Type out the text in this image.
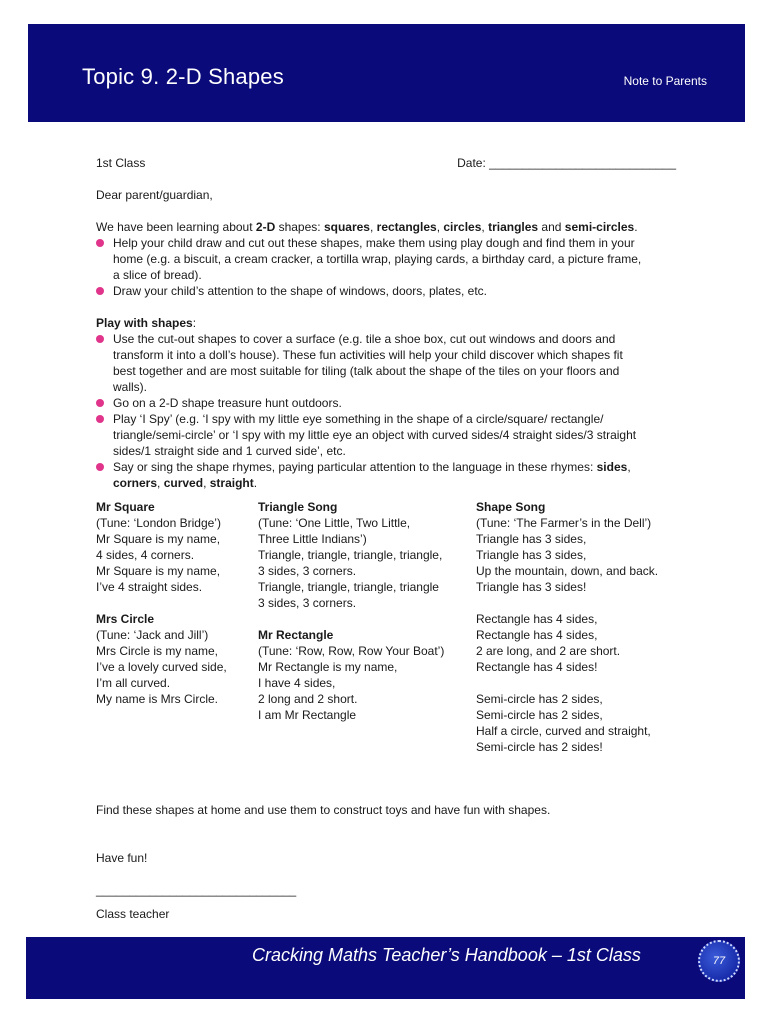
Topic 9. 2-D Shapes	Note to Parents
1st Class	Date: ____________________________

Dear parent/guardian,

We have been learning about 2-D shapes: squares, rectangles, circles, triangles and semi-circles.

Help your child draw and cut out these shapes, make them using play dough and find them in your
home (e.g. a biscuit, a cream cracker, a tortilla wrap, playing cards, a birthday card, a picture frame,
a slice of bread).
Draw your child’s attention to the shape of windows, doors, plates, etc.

Play with shapes:

Use the cut-out shapes to cover a surface (e.g. tile a shoe box, cut out windows and doors and
transform it into a doll’s house). These fun activities will help your child discover which shapes fit
best together and are most suitable for tiling (talk about the shape of the tiles on your floors and
walls).
Go on a 2-D shape treasure hunt outdoors.
Play ‘I Spy’ (e.g. ‘I spy with my little eye something in the shape of a circle/square/ rectangle/
triangle/semi-circle’ or ‘I spy with my little eye an object with curved sides/4 straight sides/3 straight
sides/1 straight side and 1 curved side’, etc.
Say or sing the shape rhymes, paying particular attention to the language in these rhymes: sides,
corners, curved, straight.
Mr Square
(Tune: ‘London Bridge’)
Mr Square is my name,
4 sides, 4 corners.
Mr Square is my name,
I’ve 4 straight sides.
Mrs Circle
(Tune: ‘Jack and Jill’)
Mrs Circle is my name,
I’ve a lovely curved side,
I’m all curved.
My name is Mrs Circle.
Triangle Song
(Tune: ‘One Little, Two Little,
Three Little Indians’)
Triangle, triangle, triangle, triangle,
3 sides, 3 corners.
Triangle, triangle, triangle, triangle
3 sides, 3 corners.
Mr Rectangle
(Tune: ‘Row, Row, Row Your Boat’)
Mr Rectangle is my name,
I have 4 sides,
2 long and 2 short.
I am Mr Rectangle
Shape Song
(Tune: ‘The Farmer’s in the Dell’)
Triangle has 3 sides,
Triangle has 3 sides,
Up the mountain, down, and back.
Triangle has 3 sides!
Rectangle has 4 sides,
Rectangle has 4 sides,
2 are long, and 2 are short.
Rectangle has 4 sides!
Semi-circle has 2 sides,
Semi-circle has 2 sides,
Half a circle, curved and straight,
Semi-circle has 2 sides!

Find these shapes at home and use them to construct toys and have fun with shapes.

Have fun!

______________________________

Class teacher

Cracking Maths Teacher’s Handbook – 1st Class	77
